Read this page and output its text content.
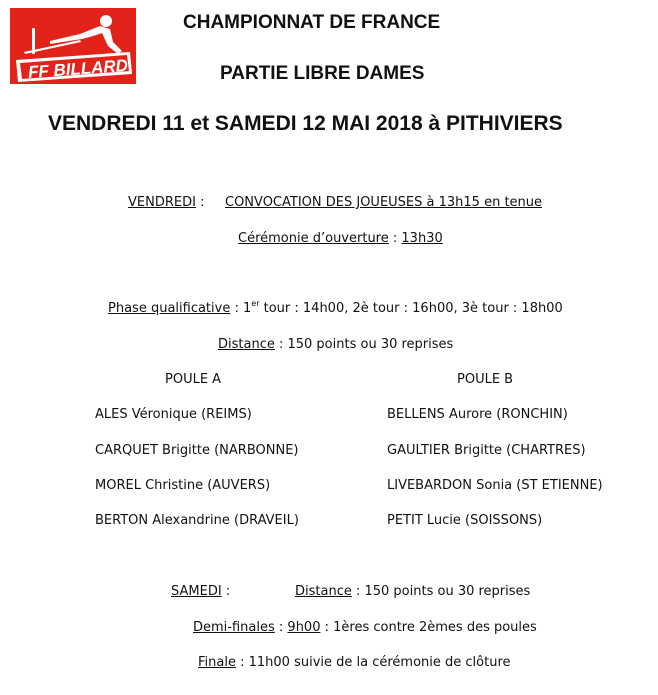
FF BILLARD
CHAMPIONNAT DE FRANCE
PARTIE LIBRE DAMES
VENDREDI 11 et SAMEDI 12 MAI 2018 à PITHIVIERS
VENDREDI : CONVOCATION DES JOUEUSES à 13h15 en tenue
Cérémonie d’ouverture : 13h30
Phase qualificative : 1er tour : 14h00, 2è tour : 16h00, 3è tour : 18h00
Distance : 150 points ou 30 reprises
POULE A	POULE B
ALES Véronique (REIMS)
CARQUET Brigitte (NARBONNE)
MOREL Christine (AUVERS)
BERTON Alexandrine (DRAVEIL)
BELLENS Aurore (RONCHIN)
GAULTIER Brigitte (CHARTRES)
LIVEBARDON Sonia (ST ETIENNE)
PETIT Lucie (SOISSONS)
SAMEDI :	Distance : 150 points ou 30 reprises
Demi-finales : 9h00 : 1ères contre 2èmes des poules
Finale : 11h00 suivie de la cérémonie de clôture
